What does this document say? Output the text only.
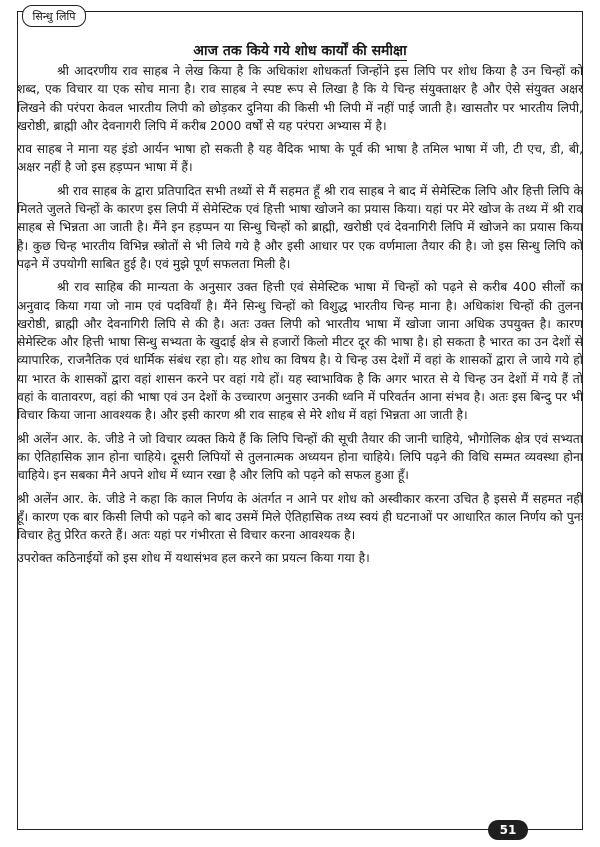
सिन्धु लिपि
आज तक किये गये शोध कार्यों की समीक्षा

श्री आदरणीय राव साहब ने लेख किया है कि अधिकांश शोधकर्ता जिन्होंने इस लिपि पर शोध किया है उन चिन्हों को शब्द, एक विचार या एक सोच माना है। राव साहब ने स्पष्ट रूप से लिखा है कि ये चिन्ह संयुक्ताक्षर है और ऐसे संयुक्त अक्षर लिखने की परंपरा केवल भारतीय लिपी को छोड़कर दुनिया की किसी भी लिपी में नहीं पाई जाती है। खासतौर पर भारतीय लिपी, खरोष्ठी, ब्राह्मी और देवनागरी लिपि में करीब 2000 वर्षों से यह परंपरा अभ्यास में है।

राव साहब ने माना यह इंडो आर्यन भाषा हो सकती है यह वैदिक भाषा के पूर्व की भाषा है तमिल भाषा में जी, टी एच, डी, बी, अक्षर नहीं है जो इस हड़प्पन भाषा में हैं।

श्री राव साहब के द्वारा प्रतिपादित सभी तथ्यों से मैं सहमत हूँ श्री राव साहब ने बाद में सेमेस्टिक लिपि और हित्ती लिपि के मिलते जुलते चिन्हों के कारण इस लिपी में सेमेस्टिक एवं हित्ती भाषा खोजने का प्रयास किया। यहां पर मेरे खोज के तथ्य में श्री राव साहब से भिन्नता आ जाती है। मैंने इन हड़प्पन या सिन्धु चिन्हों को ब्राह्मी, खरोष्ठी एवं देवनागिरी लिपि में खोजने का प्रयास किया है। कुछ चिन्ह भारतीय विभिन्न स्त्रोतों से भी लिये गये है और इसी आधार पर एक वर्णमाला तैयार की है। जो इस सिन्धु लिपि को पढ़ने में उपयोगी साबित हुई है। एवं मुझे पूर्ण सफलता मिली है।

श्री राव साहिब की मान्यता के अनुसार उक्त हित्ती एवं सेमेस्टिक भाषा में चिन्हों को पढ़ने से करीब 400 सीलों का अनुवाद किया गया जो नाम एवं पदवियाँ है। मैंने सिन्धु चिन्हों को विशुद्ध भारतीय चिन्ह माना है। अधिकांश चिन्हों की तुलना खरोष्ठी, ब्राह्मी और देवनागिरी लिपि से की है। अतः उक्त लिपी को भारतीय भाषा में खोजा जाना अधिक उपयुक्त है। कारण सेमेस्टिक और हित्ती भाषा सिन्धु सभ्यता के खुदाई क्षेत्र से हजारों किलो मीटर दूर की भाषा है। हो सकता है भारत का उन देशों से व्यापारिक, राजनैतिक एवं धार्मिक संबंध रहा हो। यह शोध का विषय है। ये चिन्ह उस देशों में वहां के शासकों द्वारा ले जाये गये हो या भारत के शासकों द्वारा वहां शासन करने पर वहां गये हों। यह स्वाभाविक है कि अगर भारत से ये चिन्ह उन देशों में गये हैं तो वहां के वातावरण, वहां की भाषा एवं उन देशों के उच्चारण अनुसार उनकी ध्वनि में परिवर्तन आना संभव है। अतः इस बिन्दु पर भी विचार किया जाना आवश्यक है। और इसी कारण श्री राव साहब से मेरे शोध में वहां भिन्नता आ जाती है।

श्री अलेंन आर. के. जीडे ने जो विचार व्यक्त किये हैं कि लिपि चिन्हों की सूची तैयार की जानी चाहिये, भौगोलिक क्षेत्र एवं सभ्यता का ऐतिहासिक ज्ञान होना चाहिये। दूसरी लिपियों से तुलनात्मक अध्ययन होना चाहिये। लिपि पढ़ने की विधि सम्मत व्यवस्था होना चाहिये। इन सबका मैने अपने शोध में ध्यान रखा है और लिपि को पढ़ने को सफल हुआ हूँ।

श्री अलेंन आर. के. जीडे ने कहा कि काल निर्णय के अंतर्गत न आने पर शोध को अस्वीकार करना उचित है इससे मैं सहमत नहीं हूँ। कारण एक बार किसी लिपी को पढ़ने को बाद उसमें मिले ऐतिहासिक तथ्य स्वयं ही घटनाओं पर आधारित काल निर्णय को पुनः विचार हेतु प्रेरित करते हैं। अतः यहां पर गंभीरता से विचार करना आवश्यक है।

उपरोक्त कठिनाईयों को इस शोध में यथासंभव हल करने का प्रयत्न किया गया है।

51
